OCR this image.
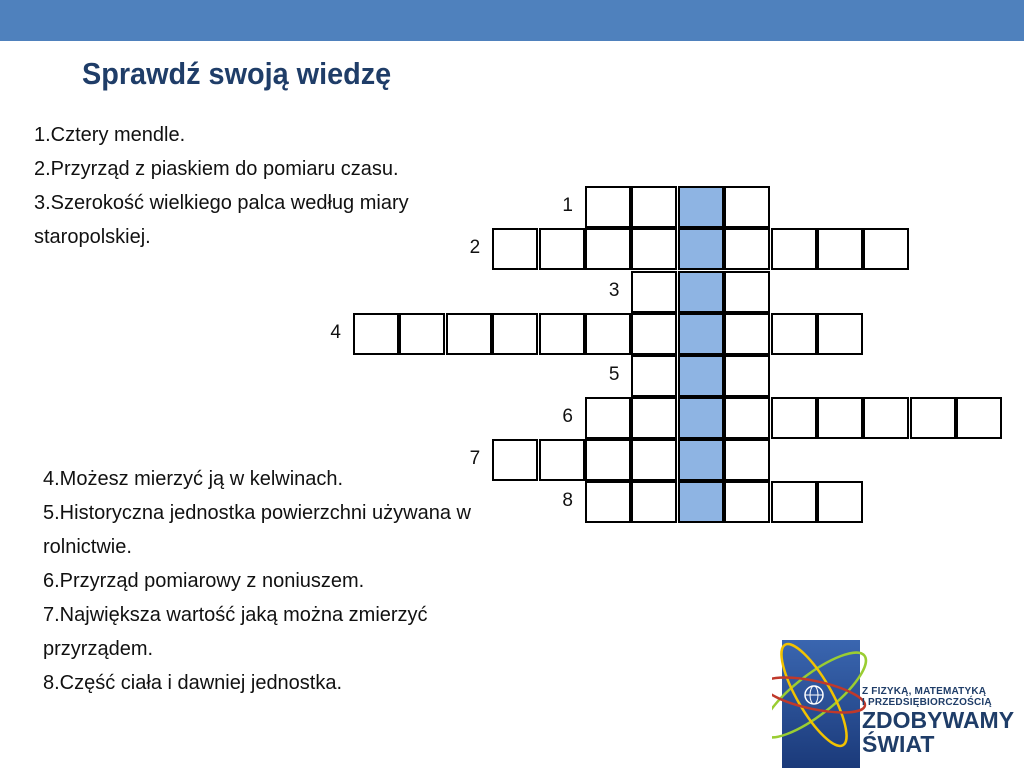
Sprawdź swoją wiedzę

1.Cztery mendle.

2.Przyrząd z piaskiem do pomiaru czasu.

3.Szerokość wielkiego palca według miary staropolskiej.

4.Możesz mierzyć ją w kelwinach.

5.Historyczna jednostka powierzchni używana w rolnictwie.

6.Przyrząd pomiarowy z noniuszem.

7.Największa wartość jaką można zmierzyć przyrządem.

8.Część ciała i dawniej jednostka.

1
2
3
4
5
6
7
8
Z FIZYKĄ, MATEMATYKĄ
I PRZEDSIĘBIORCZOŚCIĄ
ZDOBYWAMY
ŚWIAT
